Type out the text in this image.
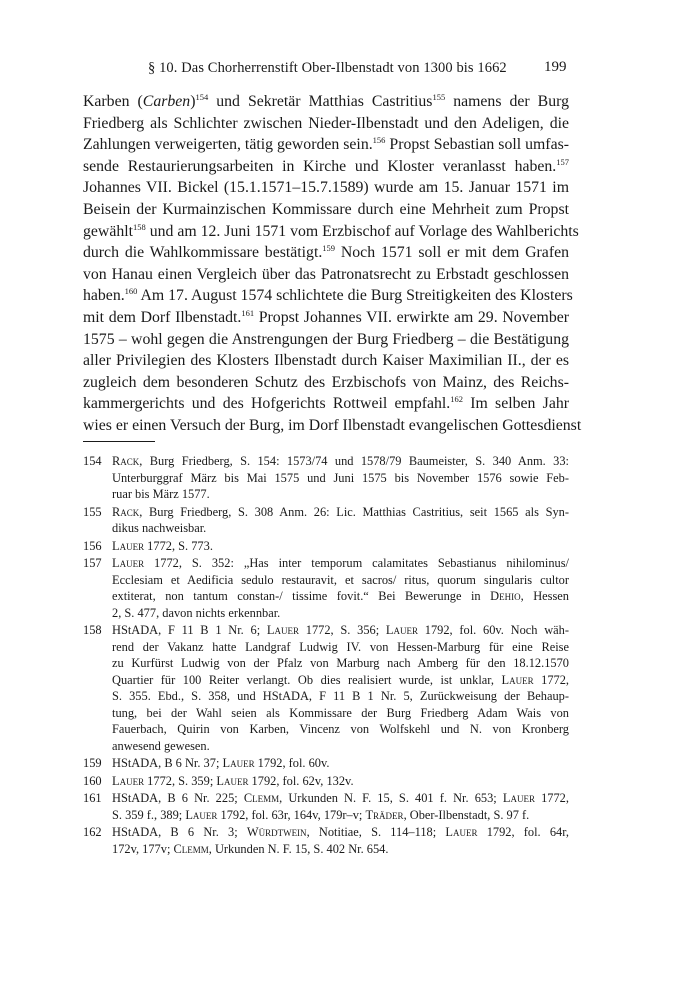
§ 10. Das Chorherrenstift Ober-Ilbenstadt von 1300 bis 1662	199
Karben (Carben)$^{154}$ und Sekretär Matthias Castritius$^{155}$ namens der Burg
Friedberg als Schlichter zwischen Nieder-Ilbenstadt und den Adeligen, die
Zahlungen verweigerten, tätig geworden sein.$^{156}$ Propst Sebastian soll umfas-
sende Restaurierungsarbeiten in Kirche und Kloster veranlasst haben.$^{157}$
Johannes VII. Bickel (15.1.1571–15.7.1589) wurde am 15. Januar 1571 im
Beisein der Kurmainzischen Kommissare durch eine Mehrheit zum Propst
gewählt$^{158}$ und am 12. Juni 1571 vom Erzbischof auf Vorlage des Wahlberichts
durch die Wahlkommissare bestätigt.$^{159}$ Noch 1571 soll er mit dem Grafen
von Hanau einen Vergleich über das Patronatsrecht zu Erbstadt geschlossen
haben.$^{160}$ Am 17. August 1574 schlichtete die Burg Streitigkeiten des Klosters
mit dem Dorf Ilbenstadt.$^{161}$ Propst Johannes VII. erwirkte am 29. November
1575 – wohl gegen die Anstrengungen der Burg Friedberg – die Bestätigung
aller Privilegien des Klosters Ilbenstadt durch Kaiser Maximilian II., der es
zugleich dem besonderen Schutz des Erzbischofs von Mainz, des Reichs-
kammergerichts und des Hofgerichts Rottweil empfahl.$^{162}$ Im selben Jahr
wies er einen Versuch der Burg, im Dorf Ilbenstadt evangelischen Gottesdienst
154 Rack, Burg Friedberg, S. 154: 1573/74 und 1578/79 Baumeister, S. 340 Anm. 33:
Unterburggraf März bis Mai 1575 und Juni 1575 bis November 1576 sowie Feb-
ruar bis März 1577.
155 Rack, Burg Friedberg, S. 308 Anm. 26: Lic. Matthias Castritius, seit 1565 als Syn-
dikus nachweisbar.
156 Lauer 1772, S. 773.
157 Lauer 1772, S. 352: „Has inter temporum calamitates Sebastianus nihilominus/
Ecclesiam et Aedificia sedulo restauravit, et sacros/ ritus, quorum singularis cultor
extiterat, non tantum constan-/ tissime fovit.“ Bei Bewerunge in Dehio, Hessen
2, S. 477, davon nichts erkennbar.
158 HStADA, F 11 B 1 Nr. 6; Lauer 1772, S. 356; Lauer 1792, fol. 60v. Noch wäh-
rend der Vakanz hatte Landgraf Ludwig IV. von Hessen-Marburg für eine Reise
zu Kurfürst Ludwig von der Pfalz von Marburg nach Amberg für den 18.12.1570
Quartier für 100 Reiter verlangt. Ob dies realisiert wurde, ist unklar, Lauer 1772,
S. 355. Ebd., S. 358, und HStADA, F 11 B 1 Nr. 5, Zurückweisung der Behaup-
tung, bei der Wahl seien als Kommissare der Burg Friedberg Adam Wais von
Fauerbach, Quirin von Karben, Vincenz von Wolfskehl und N. von Kronberg
anwesend gewesen.
159 HStADA, B 6 Nr. 37; Lauer 1792, fol. 60v.
160 Lauer 1772, S. 359; Lauer 1792, fol. 62v, 132v.
161 HStADA, B 6 Nr. 225; Clemm, Urkunden N. F. 15, S. 401 f. Nr. 653; Lauer 1772,
S. 359 f., 389; Lauer 1792, fol. 63r, 164v, 179r–v; Träder, Ober-Ilbenstadt, S. 97 f.
162 HStADA, B 6 Nr. 3; Würdtwein, Notitiae, S. 114–118; Lauer 1792, fol. 64r,
172v, 177v; Clemm, Urkunden N. F. 15, S. 402 Nr. 654.
